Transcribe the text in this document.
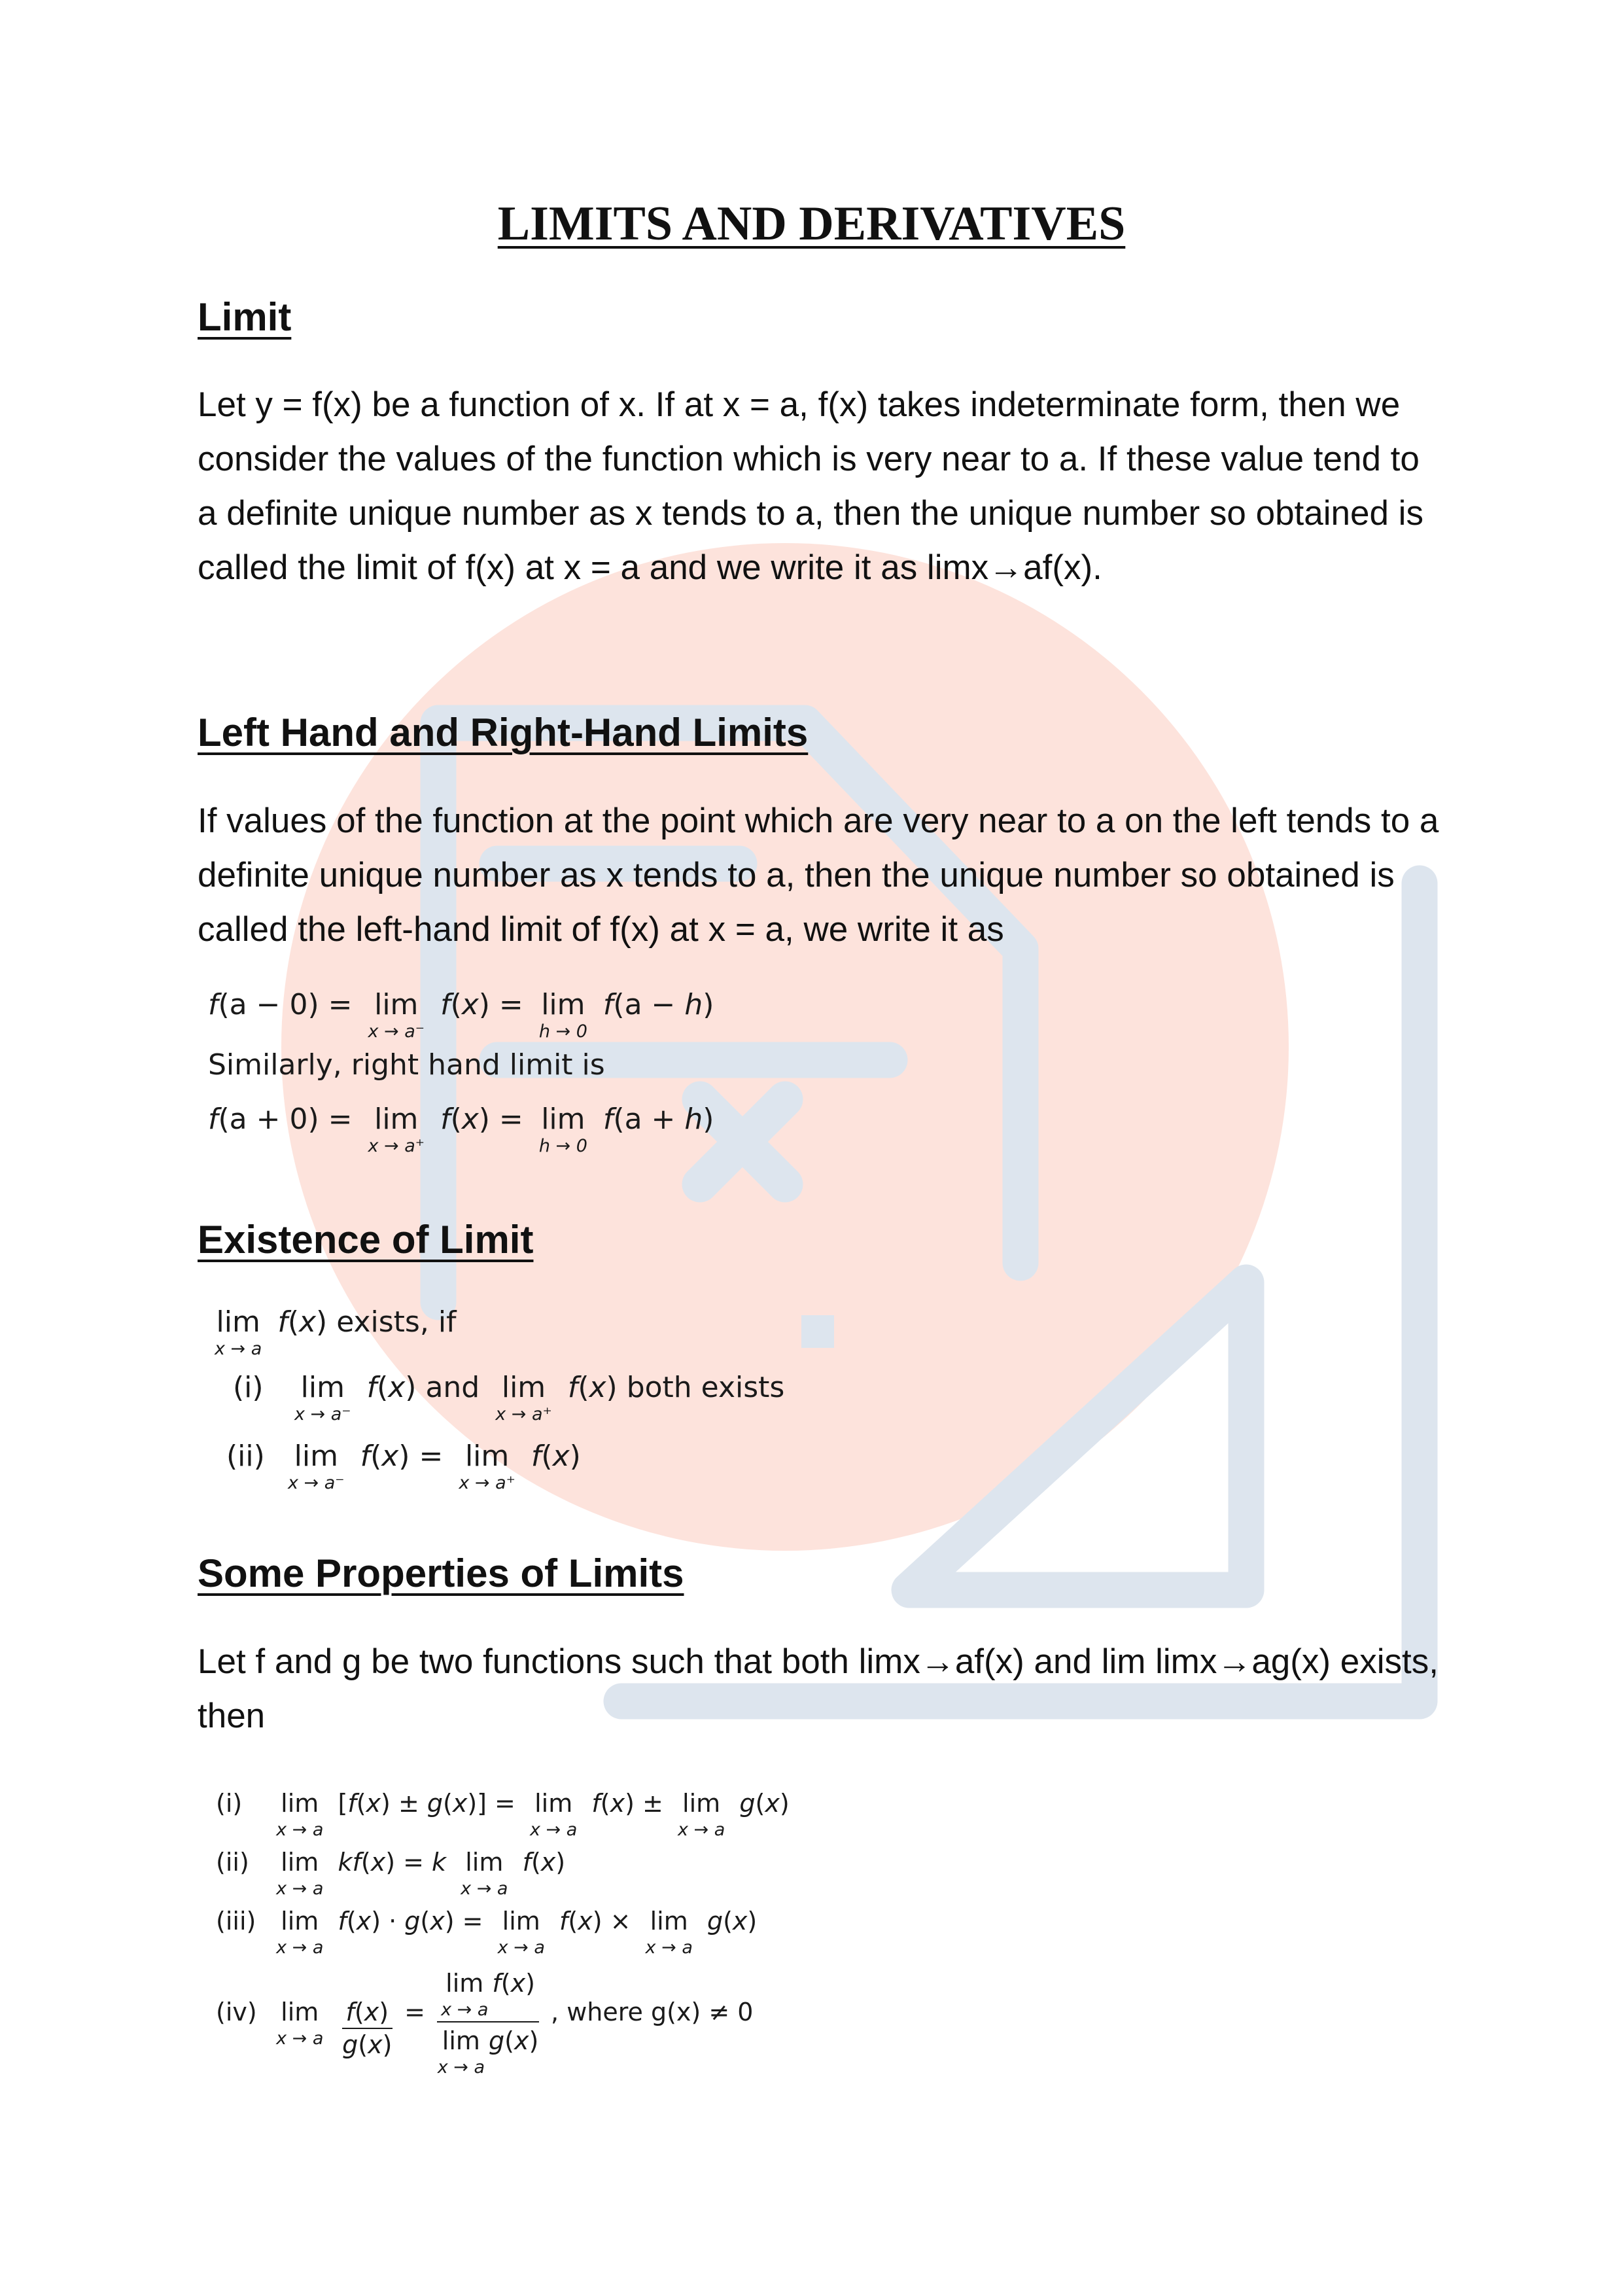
LIMITS AND DERIVATIVES
Limit

Let y = f(x) be a function of x. If at x = a, f(x) takes indeterminate form, then we consider the values of the function which is very near to a. If these value tend to a definite unique number as x tends to a, then the unique number so obtained is called the limit of f(x) at x = a and we write it as limx→af(x).

Left Hand and Right-Hand Limits

If values of the function at the point which are very near to a on the left tends to a definite unique number as x tends to a, then the unique number so obtained is called the left-hand limit of f(x) at x = a, we write it as

f(a − 0) = lim
x → a⁻
f(x) = lim
h → 0
f(a − h)
Similarly, right hand limit is
f(a + 0) = lim
x → a⁺
f(x) = lim
h → 0
f(a + h)
Existence of Limit
lim
x → a
f(x) exists, if
(i) lim
x → a⁻
f(x) and lim
x → a⁺
f(x) both exists
(ii) lim
x → a⁻
f(x) = lim
x → a⁺
f(x)
Some Properties of Limits

Let f and g be two functions such that both limx→af(x) and lim limx→ag(x) exists, then

(i) lim
x → a
[f(x) ± g(x)] = lim
x → a
f(x) ± lim
x → a
g(x)
(ii) lim
x → a
kf(x) = k lim
x → a
f(x)
(iii) lim
x → a
f(x) · g(x) = lim
x → a
f(x) × lim
x → a
g(x)
(iv) lim
x → a
$\frac{f(x)}{g(x)} = \lim$
x → a
f(x)
lim
x → a
g(x) , where g(x) ≠ 0
